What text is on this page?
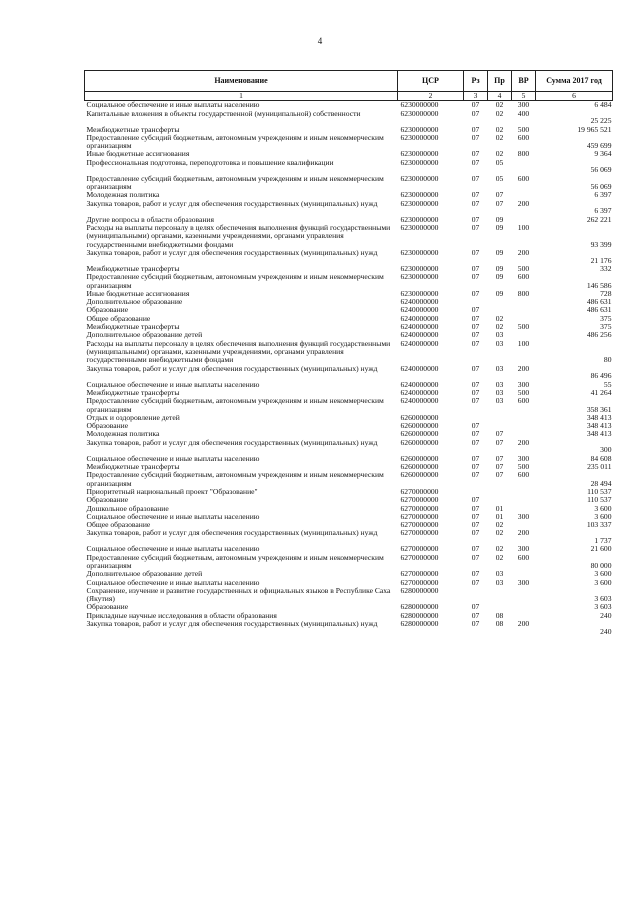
4
Наименование	ЦСР	Рз	Пр	ВР	Сумма 2017 год
1	2	3	4	5	6
Социальное обеспечение и иные выплаты населению	6230000000	07	02	300	6 484
Капитальные вложения в объекты государственной (муниципальной) собственности	6230000000	07	02	400	25 225
Межбюджетные трансферты	6230000000	07	02	500	19 965 521
Предоставление субсидий бюджетным, автономным учреждениям и иным некоммерческим организациям	6230000000	07	02	600	459 699
Иные бюджетные ассигнования	6230000000	07	02	800	9 364
Профессиональная подготовка, переподготовка и повышение квалификации	6230000000	07	05		56 069
Предоставление субсидий бюджетным, автономным учреждениям и иным некоммерческим организациям	6230000000	07	05	600	56 069
Молодежная политика	6230000000	07	07		6 397
Закупка товаров, работ и услуг для обеспечения государственных (муниципальных) нужд	6230000000	07	07	200	6 397
Другие вопросы в области образования	6230000000	07	09		262 221
Расходы на выплаты персоналу в целях обеспечения выполнения функций государственными (муниципальными) органами, казенными учреждениями, органами управления государственными внебюджетными фондами	6230000000	07	09	100	93 399
Закупка товаров, работ и услуг для обеспечения государственных (муниципальных) нужд	6230000000	07	09	200	21 176
Межбюджетные трансферты	6230000000	07	09	500	332
Предоставление субсидий бюджетным, автономным учреждениям и иным некоммерческим организациям	6230000000	07	09	600	146 586
Иные бюджетные ассигнования	6230000000	07	09	800	728
Дополнительное образование	6240000000				486 631
Образование	6240000000	07			486 631
Общее образование	6240000000	07	02		375
Межбюджетные трансферты	6240000000	07	02	500	375
Дополнительное образование детей	6240000000	07	03		486 256
Расходы на выплаты персоналу в целях обеспечения выполнения функций государственными (муниципальными) органами, казенными учреждениями, органами управления государственными внебюджетными фондами	6240000000	07	03	100	80
Закупка товаров, работ и услуг для обеспечения государственных (муниципальных) нужд	6240000000	07	03	200	86 496
Социальное обеспечение и иные выплаты населению	6240000000	07	03	300	55
Межбюджетные трансферты	6240000000	07	03	500	41 264
Предоставление субсидий бюджетным, автономным учреждениям и иным некоммерческим организациям	6240000000	07	03	600	358 361
Отдых и оздоровление детей	6260000000				348 413
Образование	6260000000	07			348 413
Молодежная политика	6260000000	07	07		348 413
Закупка товаров, работ и услуг для обеспечения государственных (муниципальных) нужд	6260000000	07	07	200	300
Социальное обеспечение и иные выплаты населению	6260000000	07	07	300	84 608
Межбюджетные трансферты	6260000000	07	07	500	235 011
Предоставление субсидий бюджетным, автономным учреждениям и иным некоммерческим организациям	6260000000	07	07	600	28 494
Приоритетный национальный проект "Образование"	6270000000				110 537
Образование	6270000000	07			110 537
Дошкольное образование	6270000000	07	01		3 600
Социальное обеспечение и иные выплаты населению	6270000000	07	01	300	3 600
Общее образование	6270000000	07	02		103 337
Закупка товаров, работ и услуг для обеспечения государственных (муниципальных) нужд	6270000000	07	02	200	1 737
Социальное обеспечение и иные выплаты населению	6270000000	07	02	300	21 600
Предоставление субсидий бюджетным, автономным учреждениям и иным некоммерческим организациям	6270000000	07	02	600	80 000
Дополнительное образование детей	6270000000	07	03		3 600
Социальное обеспечение и иные выплаты населению	6270000000	07	03	300	3 600
Сохранение, изучение и развитие государственных и официальных языков в Республике Саха (Якутия)	6280000000				3 603
Образование	6280000000	07			3 603
Прикладные научные исследования в области образования	6280000000	07	08		240
Закупка товаров, работ и услуг для обеспечения государственных (муниципальных) нужд	6280000000	07	08	200	240
